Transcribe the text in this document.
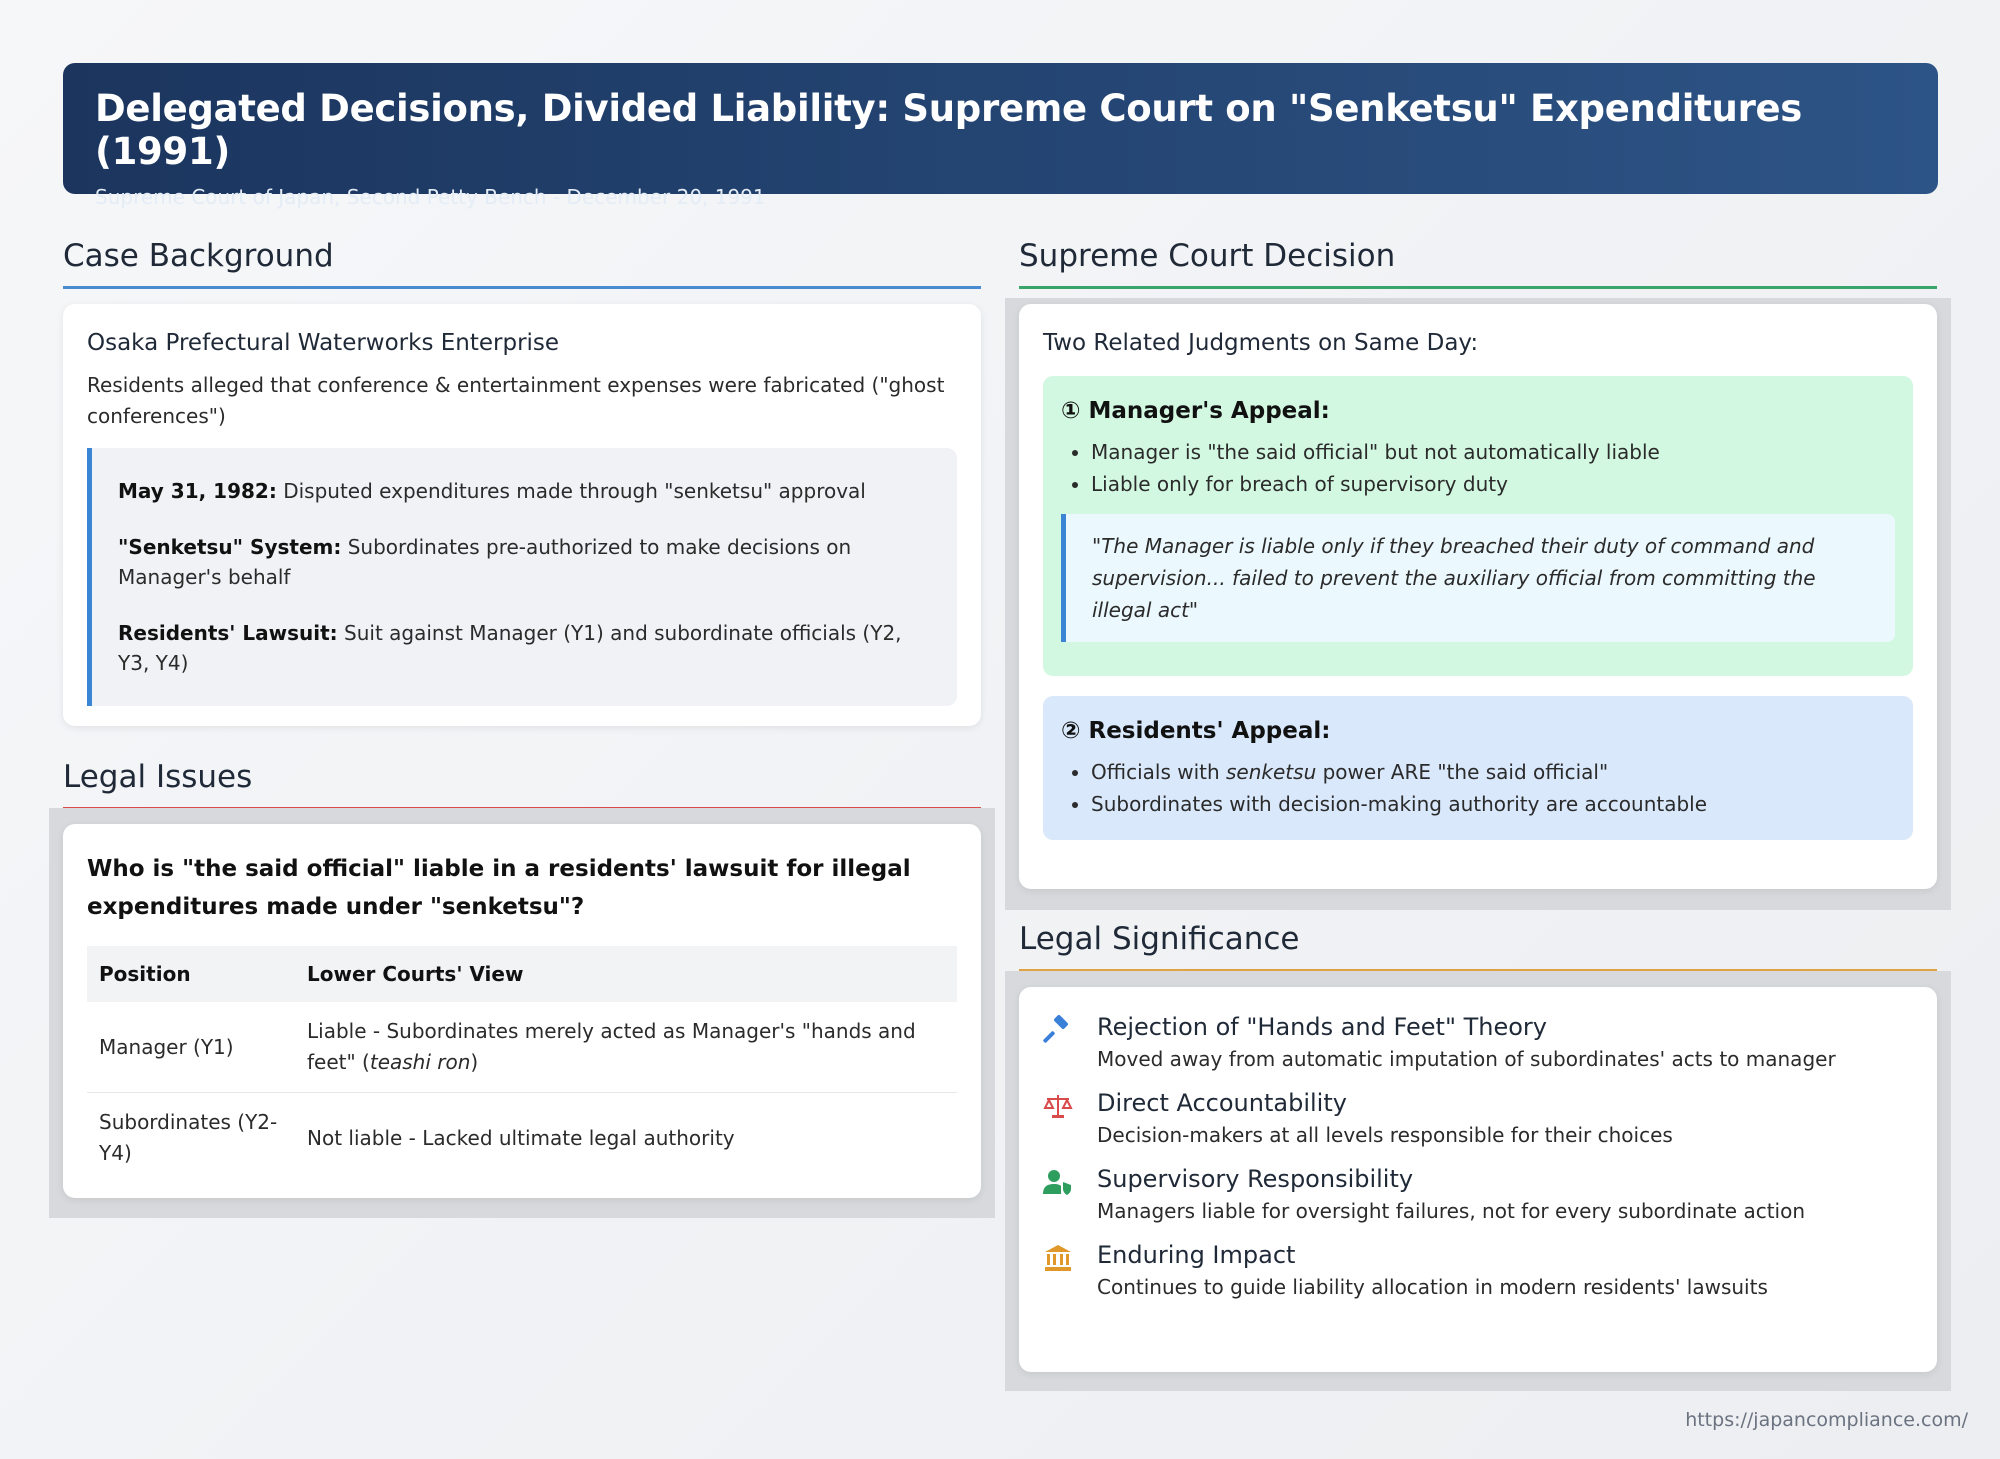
Delegated Decisions, Divided Liability: Supreme Court on "Senketsu" Expenditures (1991)
Supreme Court of Japan, Second Petty Bench - December 20, 1991
Case Background
Osaka Prefectural Waterworks Enterprise
Residents alleged that conference & entertainment expenses were fabricated ("ghost conferences")

May 31, 1982: Disputed expenditures made through "senketsu" approval

"Senketsu" System: Subordinates pre-authorized to make decisions on Manager's behalf

Residents' Lawsuit: Suit against Manager (Y1) and subordinate officials (Y2, Y3, Y4)

Legal Issues
Who is "the said official" liable in a residents' lawsuit for illegal expenditures made under "senketsu"?
Position	Lower Courts' View
Manager (Y1)	Liable - Subordinates merely acted as Manager's "hands and feet" (teashi ron)
Subordinates (Y2-Y4)	Not liable - Lacked ultimate legal authority
Supreme Court Decision
Two Related Judgments on Same Day:
① Manager's Appeal:
• Manager is "the said official" but not automatically liable
• Liable only for breach of supervisory duty
"The Manager is liable only if they breached their duty of command and supervision... failed to prevent the auxiliary official from committing the illegal act"
② Residents' Appeal:
• Officials with senketsu power ARE "the said official"
• Subordinates with decision-making authority are accountable
Legal Significance
Rejection of "Hands and Feet" Theory
Moved away from automatic imputation of subordinates' acts to manager
Direct Accountability
Decision-makers at all levels responsible for their choices
Supervisory Responsibility
Managers liable for oversight failures, not for every subordinate action
Enduring Impact
Continues to guide liability allocation in modern residents' lawsuits
https://japancompliance.com/
